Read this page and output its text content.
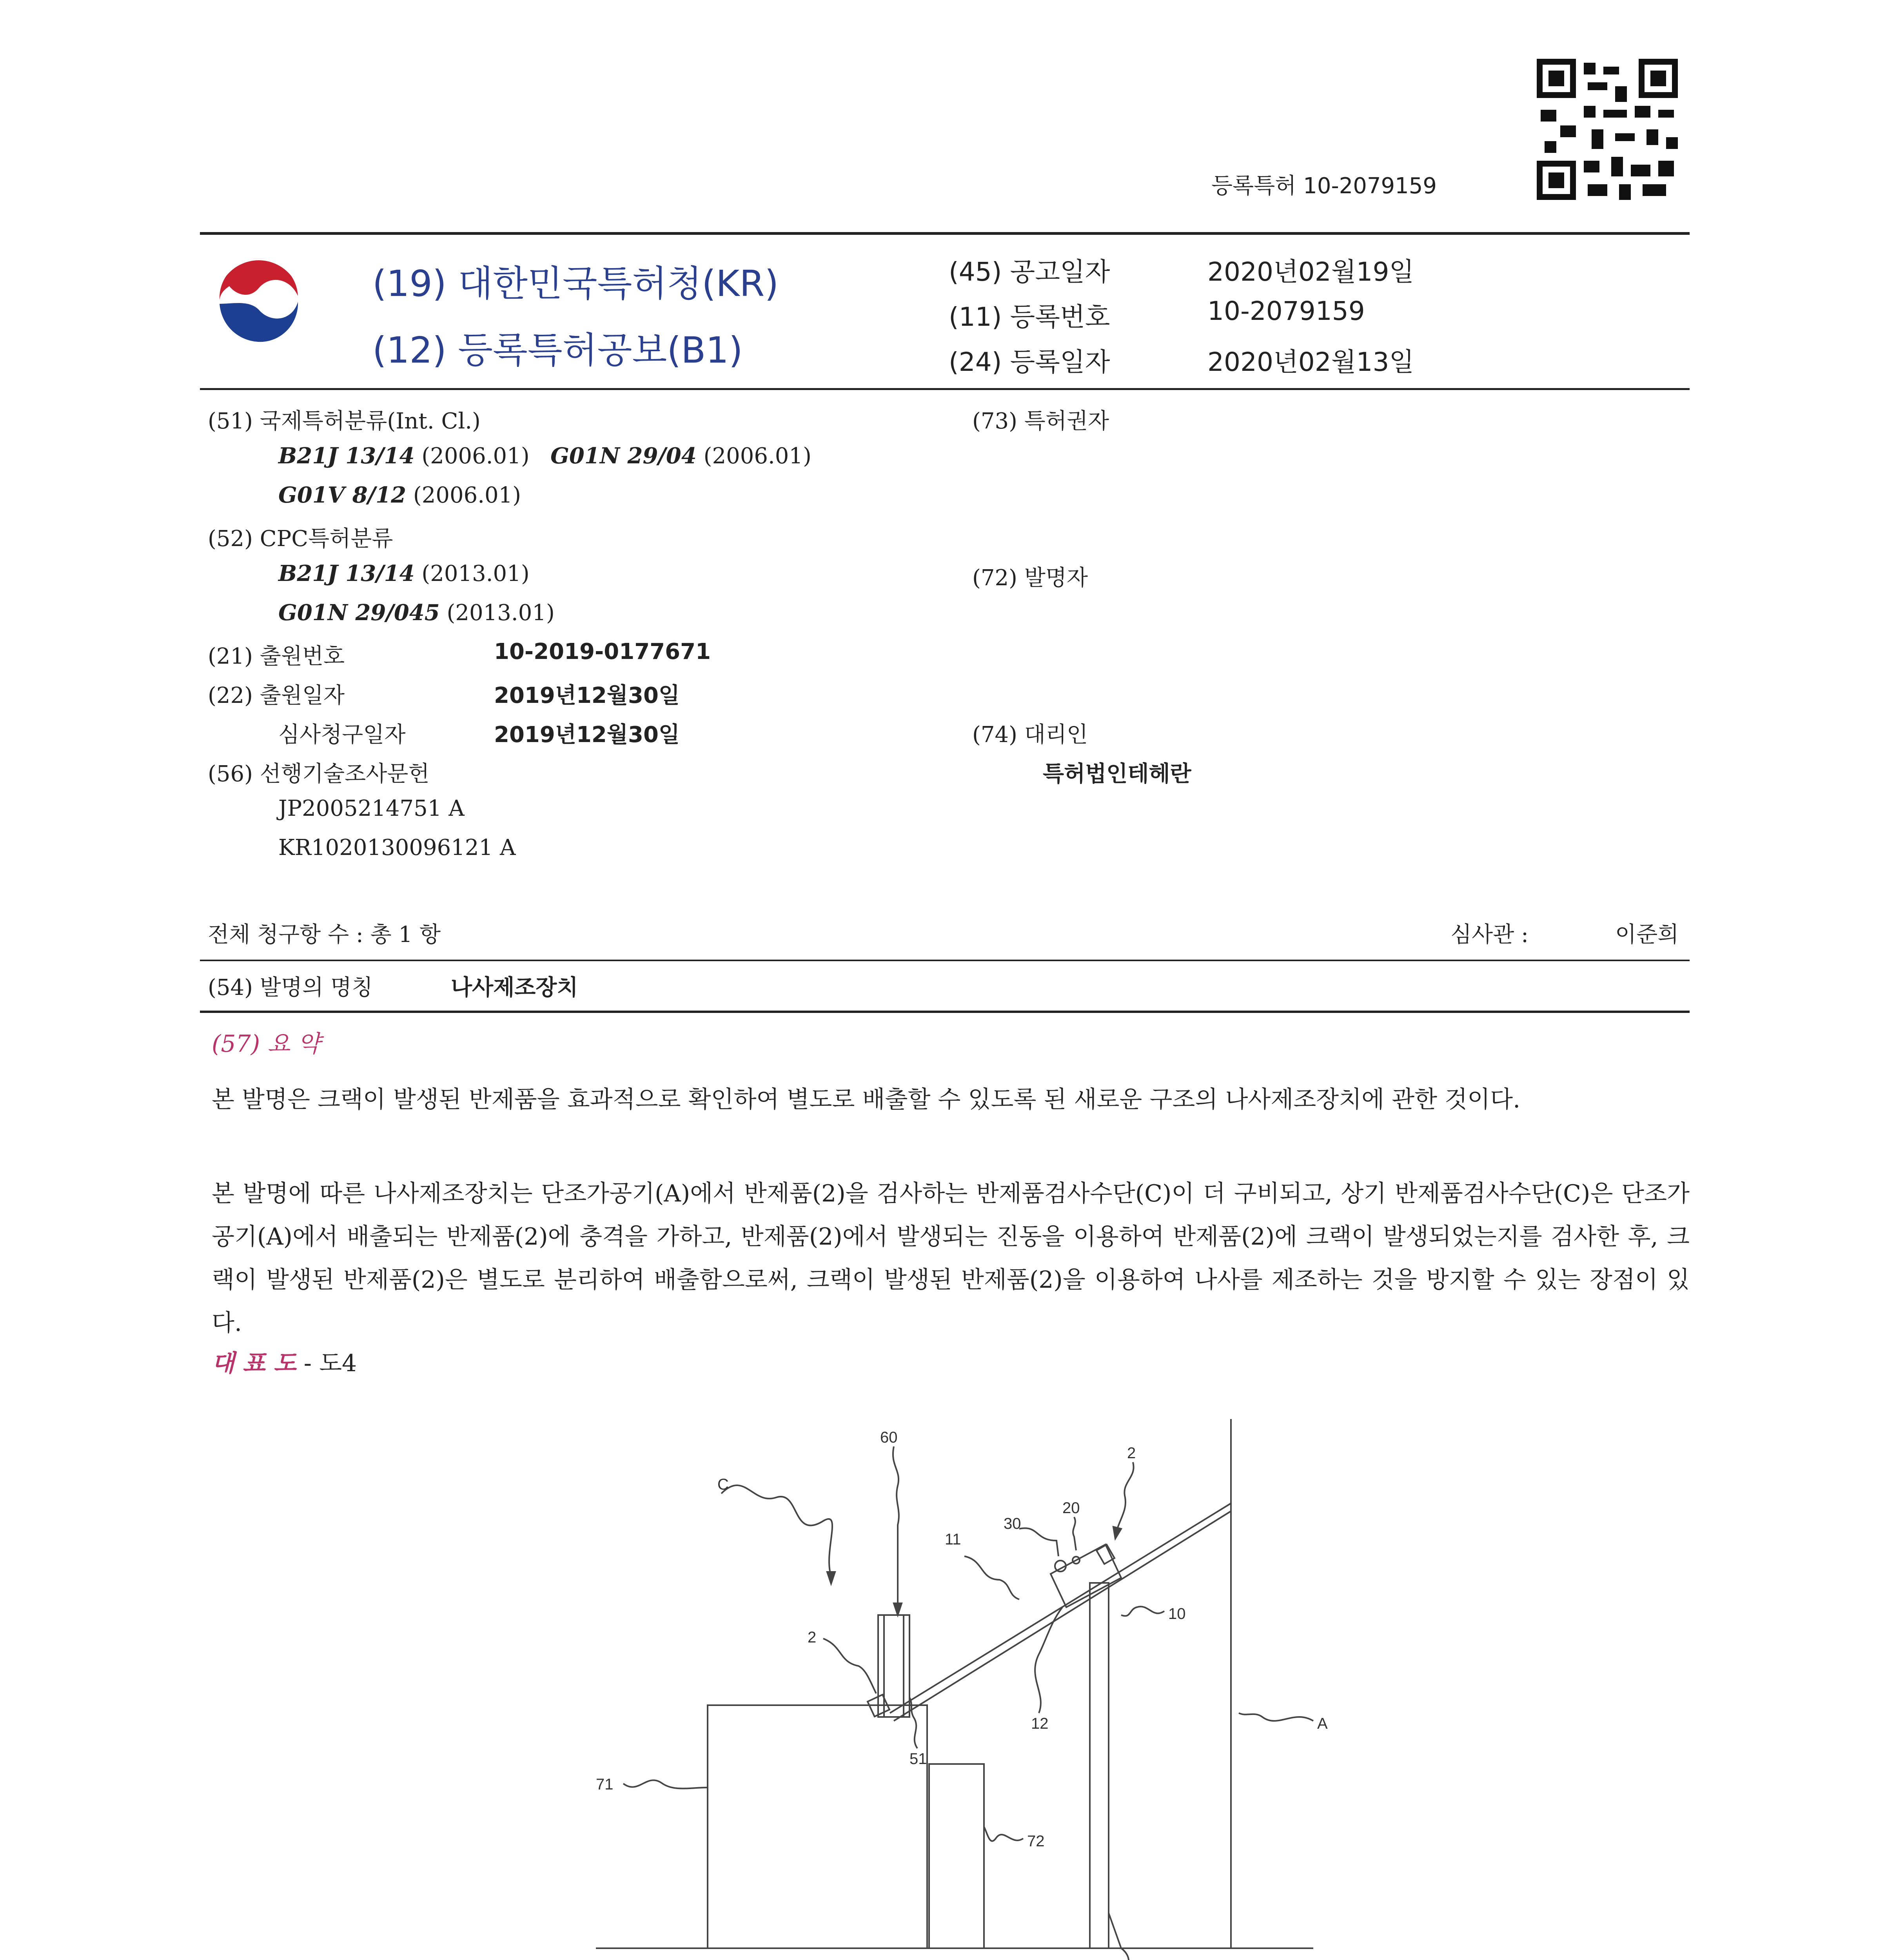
등록특허 10-2079159
(19) 대한민국특허청(KR)
(12) 등록특허공보(B1)
(45) 공고일자	2020년02월19일
(11) 등록번호	10-2079159
(24) 등록일자	2020년02월13일
(51) 국제특허분류(Int. Cl.)
B21J 13/14 (2006.01) G01N 29/04 (2006.01)
G01V 8/12 (2006.01)
(52) CPC특허분류
B21J 13/14 (2013.01)
G01N 29/045 (2013.01)
(21) 출원번호	10-2019-0177671
(22) 출원일자	2019년12월30일
심사청구일자	2019년12월30일
(56) 선행기술조사문헌
JP2005214751 A
KR1020130096121 A
(73) 특허권자
(72) 발명자
(74) 대리인
특허법인테헤란
전체 청구항 수 : 총 1 항	심사관 :	이준희
(54) 발명의 명칭	나사제조장치
(57) 요 약
본 발명은 크랙이 발생된 반제품을 효과적으로 확인하여 별도로 배출할 수 있도록 된 새로운 구조의 나사제조장치에 관한 것이다.
본 발명에 따른 나사제조장치는 단조가공기(A)에서 반제품(2)을 검사하는 반제품검사수단(C)이 더 구비되고, 상기 반제품검사수단(C)은 단조가공기(A)에서 배출되는 반제품(2)에 충격을 가하고, 반제품(2)에서 발생되는 진동을 이용하여 반제품(2)에 크랙이 발생되었는지를 검사한 후, 크랙이 발생된 반제품(2)은 별도로 분리하여 배출함으로써, 크랙이 발생된 반제품(2)을 이용하여 나사를 제조하는 것을 방지할 수 있는 장점이 있다.
대 표 도 - 도4
C
60
2
20
30
11
10
A
2
51
12
71
72
